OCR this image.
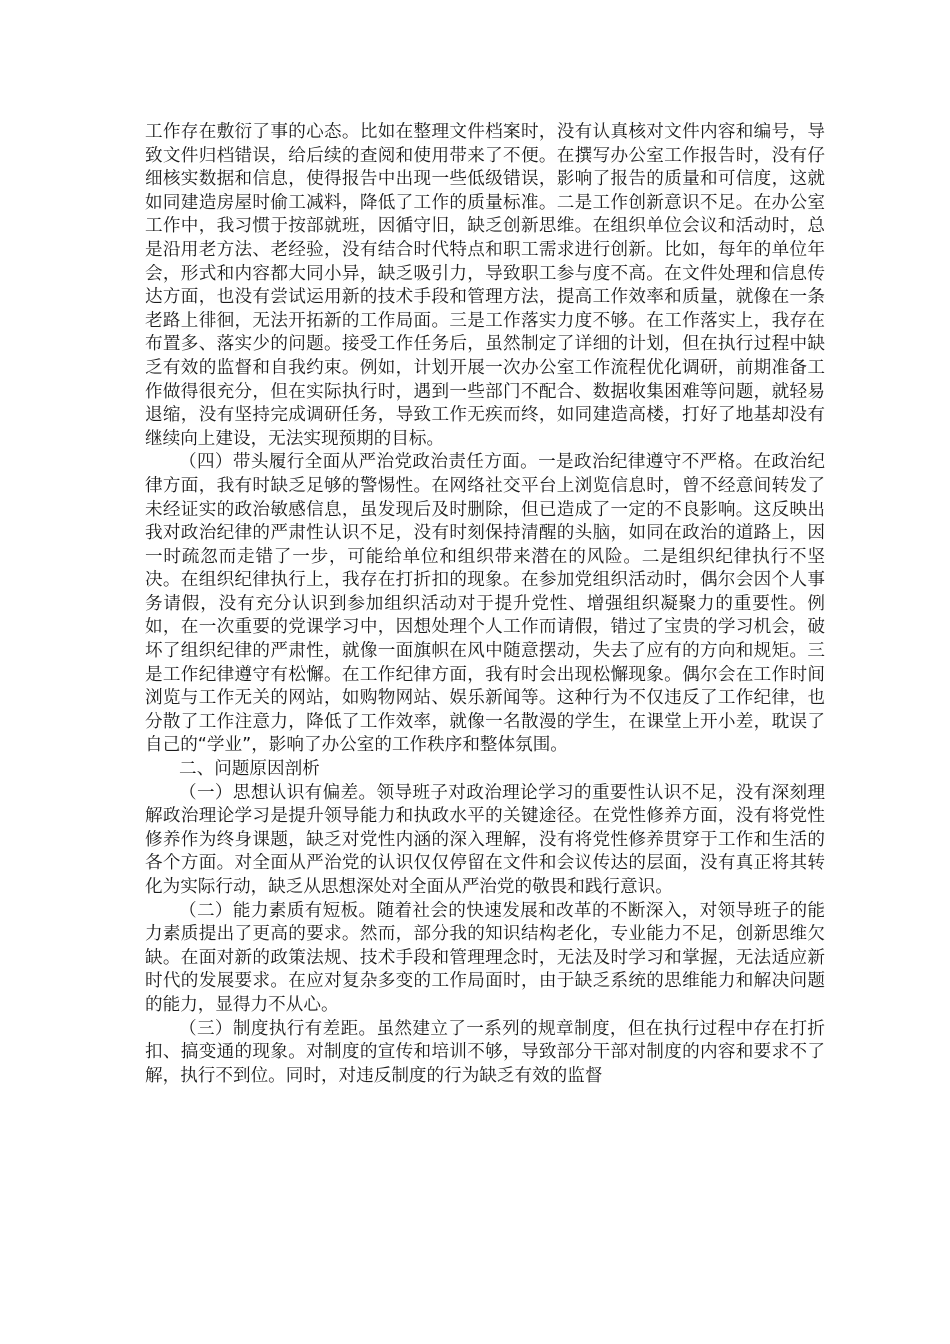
工作存在敷衍了事的心态。比如在整理文件档案时，没有认真核对文件内容和编号，导致文件归档错误，给后续的查阅和使用带来了不便。在撰写办公室工作报告时，没有仔细核实数据和信息，使得报告中出现一些低级错误，影响了报告的质量和可信度，这就如同建造房屋时偷工减料，降低了工作的质量标准。二是工作创新意识不足。在办公室工作中，我习惯于按部就班，因循守旧，缺乏创新思维。在组织单位会议和活动时，总是沿用老方法、老经验，没有结合时代特点和职工需求进行创新。比如，每年的单位年会，形式和内容都大同小异，缺乏吸引力，导致职工参与度不高。在文件处理和信息传达方面，也没有尝试运用新的技术手段和管理方法，提高工作效率和质量，就像在一条老路上徘徊，无法开拓新的工作局面。三是工作落实力度不够。在工作落实上，我存在布置多、落实少的问题。接受工作任务后，虽然制定了详细的计划，但在执行过程中缺乏有效的监督和自我约束。例如，计划开展一次办公室工作流程优化调研，前期准备工作做得很充分，但在实际执行时，遇到一些部门不配合、数据收集困难等问题，就轻易退缩，没有坚持完成调研任务，导致工作无疾而终，如同建造高楼，打好了地基却没有继续向上建设，无法实现预期的目标。

（四）带头履行全面从严治党政治责任方面。一是政治纪律遵守不严格。在政治纪律方面，我有时缺乏足够的警惕性。在网络社交平台上浏览信息时，曾不经意间转发了未经证实的政治敏感信息，虽发现后及时删除，但已造成了一定的不良影响。这反映出我对政治纪律的严肃性认识不足，没有时刻保持清醒的头脑，如同在政治的道路上，因一时疏忽而走错了一步，可能给单位和组织带来潜在的风险。二是组织纪律执行不坚决。在组织纪律执行上，我存在打折扣的现象。在参加党组织活动时，偶尔会因个人事务请假，没有充分认识到参加组织活动对于提升党性、增强组织凝聚力的重要性。例如，在一次重要的党课学习中，因想处理个人工作而请假，错过了宝贵的学习机会，破坏了组织纪律的严肃性，就像一面旗帜在风中随意摆动，失去了应有的方向和规矩。三是工作纪律遵守有松懈。在工作纪律方面，我有时会出现松懈现象。偶尔会在工作时间浏览与工作无关的网站，如购物网站、娱乐新闻等。这种行为不仅违反了工作纪律，也分散了工作注意力，降低了工作效率，就像一名散漫的学生，在课堂上开小差，耽误了自己的“学业”，影响了办公室的工作秩序和整体氛围。

二、问题原因剖析

（一）思想认识有偏差。领导班子对政治理论学习的重要性认识不足，没有深刻理解政治理论学习是提升领导能力和执政水平的关键途径。在党性修养方面，没有将党性修养作为终身课题，缺乏对党性内涵的深入理解，没有将党性修养贯穿于工作和生活的各个方面。对全面从严治党的认识仅仅停留在文件和会议传达的层面，没有真正将其转化为实际行动，缺乏从思想深处对全面从严治党的敬畏和践行意识。

（二）能力素质有短板。随着社会的快速发展和改革的不断深入，对领导班子的能力素质提出了更高的要求。然而，部分我的知识结构老化，专业能力不足，创新思维欠缺。在面对新的政策法规、技术手段和管理理念时，无法及时学习和掌握，无法适应新时代的发展要求。在应对复杂多变的工作局面时，由于缺乏系统的思维能力和解决问题的能力，显得力不从心。

（三）制度执行有差距。虽然建立了一系列的规章制度，但在执行过程中存在打折扣、搞变通的现象。对制度的宣传和培训不够，导致部分干部对制度的内容和要求不了解，执行不到位。同时，对违反制度的行为缺乏有效的监督
